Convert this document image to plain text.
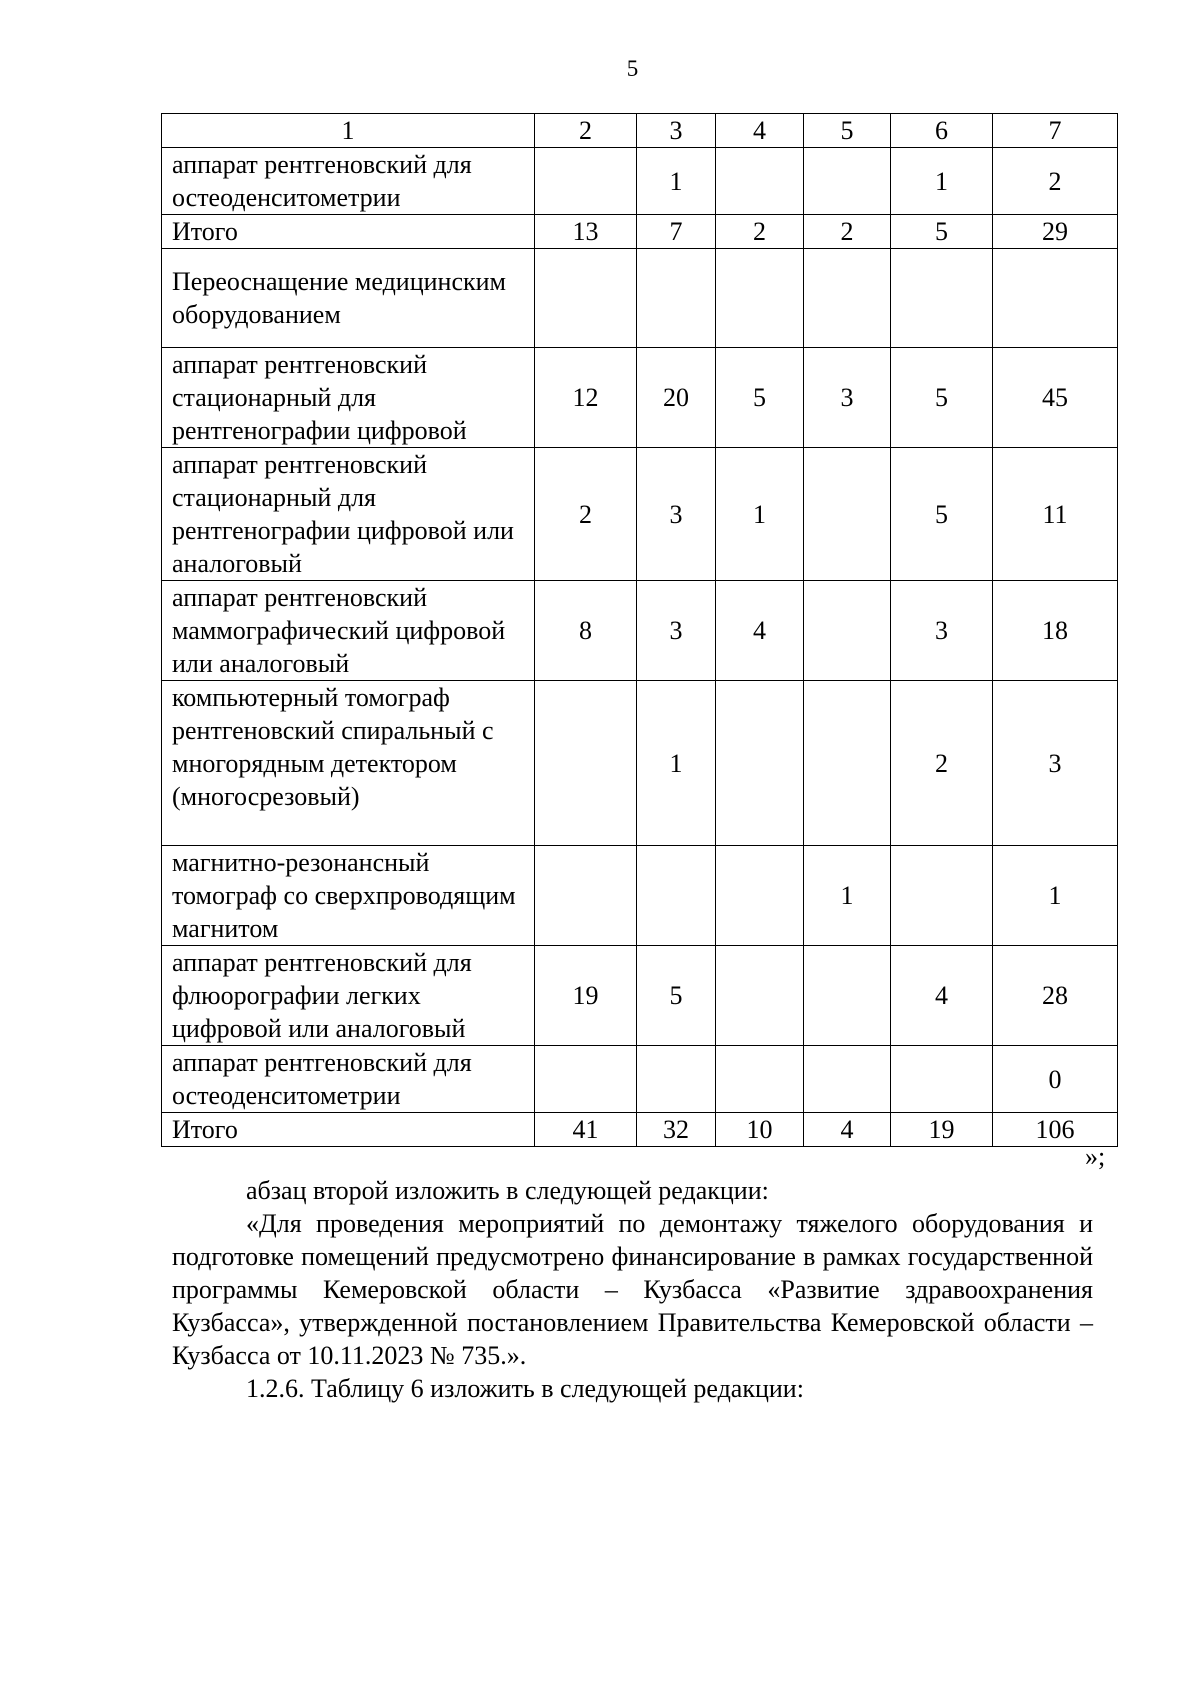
5
1	2	3	4	5	6	7
аппарат рентгеновский для остеоденситометрии		1			1	2
Итого	13	7	2	2	5	29
Переоснащение медицинским оборудованием						
аппарат рентгеновский стационарный для рентгенографии цифровой	12	20	5	3	5	45
аппарат рентгеновский стационарный для рентгенографии цифровой или аналоговый	2	3	1		5	11
аппарат рентгеновский маммографический цифровой или аналоговый	8	3	4		3	18
компьютерный томограф рентгеновский спиральный с многорядным детектором (многосрезовый)		1			2	3
магнитно-резонансный томограф со сверхпроводящим магнитом				1		1
аппарат рентгеновский для флюорографии легких цифровой или аналоговый	19	5			4	28
аппарат рентгеновский для остеоденситометрии						0
Итого	41	32	10	4	19	106
»;

абзац второй изложить в следующей редакции:

«Для проведения мероприятий по демонтажу тяжелого оборудования и подготовке помещений предусмотрено финансирование в рамках государственной программы Кемеровской области – Кузбасса «Развитие здравоохранения Кузбасса», утвержденной постановлением Правительства Кемеровской области – Кузбасса от 10.11.2023 № 735.».

1.2.6. Таблицу 6 изложить в следующей редакции:
